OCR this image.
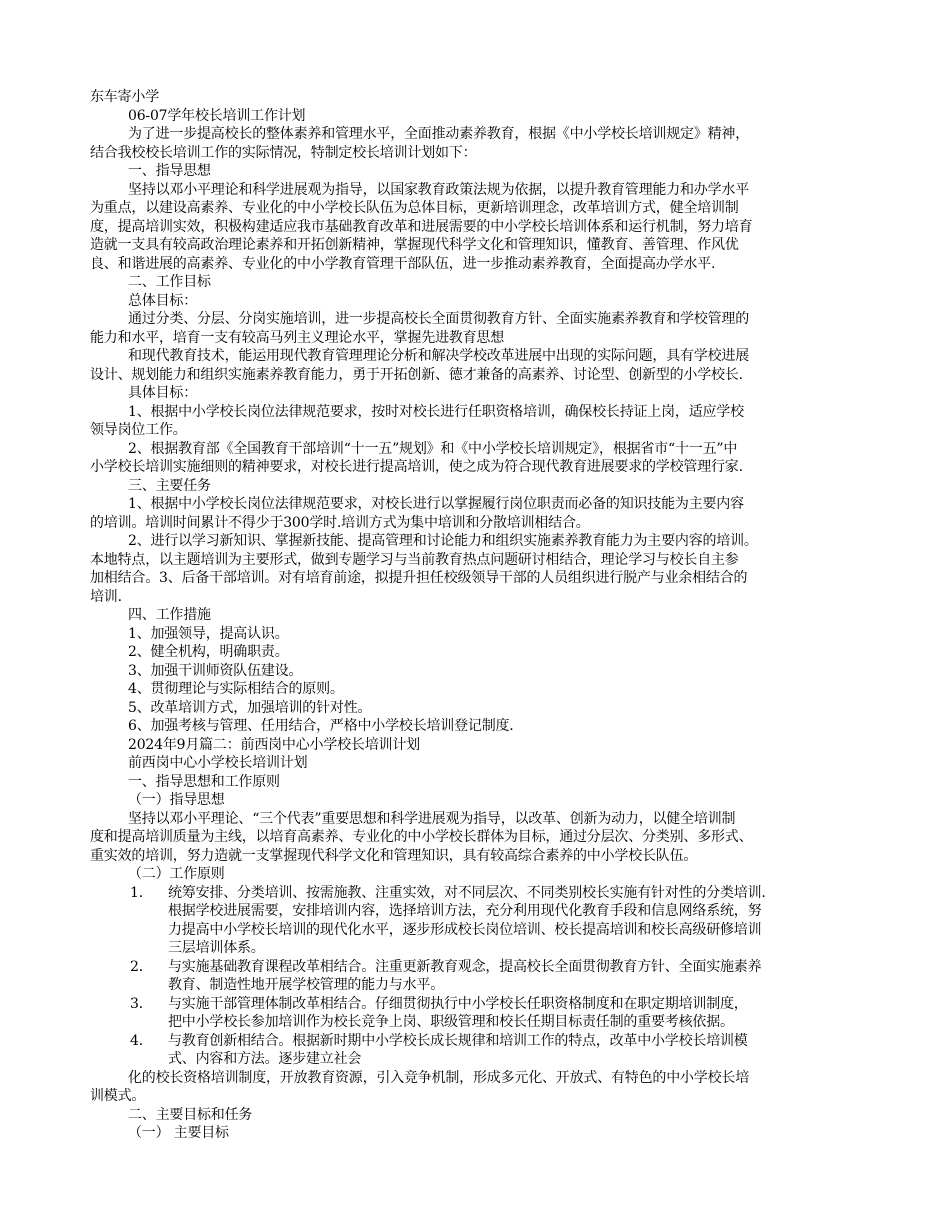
东车寄小学
06-07学年校长培训工作计划
为了进一步提高校长的整体素养和管理水平，全面推动素养教育，根据《中小学校长培训规定》精神，
结合我校校长培训工作的实际情况，特制定校长培训计划如下：
一、指导思想
坚持以邓小平理论和科学进展观为指导，以国家教育政策法规为依据，以提升教育管理能力和办学水平
为重点，以建设高素养、专业化的中小学校长队伍为总体目标，更新培训理念，改革培训方式，健全培训制
度，提高培训实效，积极构建适应我市基础教育改革和进展需要的中小学校长培训体系和运行机制，努力培育
造就一支具有较高政治理论素养和开拓创新精神，掌握现代科学文化和管理知识，懂教育、善管理、作风优
良、和谐进展的高素养、专业化的中小学教育管理干部队伍，进一步推动素养教育，全面提高办学水平.
二、工作目标
总体目标：
通过分类、分层、分岗实施培训，进一步提高校长全面贯彻教育方针、全面实施素养教育和学校管理的
能力和水平，培育一支有较高马列主义理论水平，掌握先进教育思想
和现代教育技术，能运用现代教育管理理论分析和解决学校改革进展中出现的实际问题，具有学校进展
设计、规划能力和组织实施素养教育能力，勇于开拓创新、德才兼备的高素养、讨论型、创新型的小学校长.
具体目标：
1、根据中小学校长岗位法律规范要求，按时对校长进行任职资格培训，确保校长持证上岗，适应学校
领导岗位工作。
2、根据教育部《全国教育干部培训“十一五”规划》和《中小学校长培训规定》，根据省市“十一五”中
小学校长培训实施细则的精神要求，对校长进行提高培训，使之成为符合现代教育进展要求的学校管理行家.
三、主要任务
1、根据中小学校长岗位法律规范要求，对校长进行以掌握履行岗位职责而必备的知识技能为主要内容
的培训。培训时间累计不得少于300学时.培训方式为集中培训和分散培训相结合。
2、进行以学习新知识、掌握新技能、提高管理和讨论能力和组织实施素养教育能力为主要内容的培训。
本地特点，以主题培训为主要形式，做到专题学习与当前教育热点问题研讨相结合，理论学习与校长自主参
加相结合。3、后备干部培训。对有培育前途，拟提升担任校级领导干部的人员组织进行脱产与业余相结合的
培训.
四、工作措施
1、加强领导，提高认识。
2、健全机构，明确职责。
3、加强干训师资队伍建设。
4、贯彻理论与实际相结合的原则。
5、改革培训方式，加强培训的针对性。
6、加强考核与管理、任用结合，严格中小学校长培训登记制度.
2024年9月篇二：前西岗中心小学校长培训计划
前西岗中心小学校长培训计划
一、指导思想和工作原则
（一）指导思想
坚持以邓小平理论、“三个代表”重要思想和科学进展观为指导，以改革、创新为动力，以健全培训制
度和提高培训质量为主线，以培育高素养、专业化的中小学校长群体为目标，通过分层次、分类别、多形式、
重实效的培训，努力造就一支掌握现代科学文化和管理知识，具有较高综合素养的中小学校长队伍。
（二）工作原则
1．	统筹安排、分类培训、按需施教、注重实效，对不同层次、不同类别校长实施有针对性的分类培训.
根据学校进展需要，安排培训内容，选择培训方法，充分利用现代化教育手段和信息网络系统，努
力提高中小学校长培训的现代化水平，逐步形成校长岗位培训、校长提高培训和校长高级研修培训
三层培训体系。
2．	与实施基础教育课程改革相结合。注重更新教育观念，提高校长全面贯彻教育方针、全面实施素养
教育、制造性地开展学校管理的能力与水平。
3．	与实施干部管理体制改革相结合。仔细贯彻执行中小学校长任职资格制度和在职定期培训制度，
把中小学校长参加培训作为校长竞争上岗、职级管理和校长任期目标责任制的重要考核依据。
4．	与教育创新相结合。根据新时期中小学校长成长规律和培训工作的特点，改革中小学校长培训模
式、内容和方法。逐步建立社会
化的校长资格培训制度，开放教育资源，引入竞争机制，形成多元化、开放式、有特色的中小学校长培
训模式。
二、主要目标和任务
（一） 主要目标
